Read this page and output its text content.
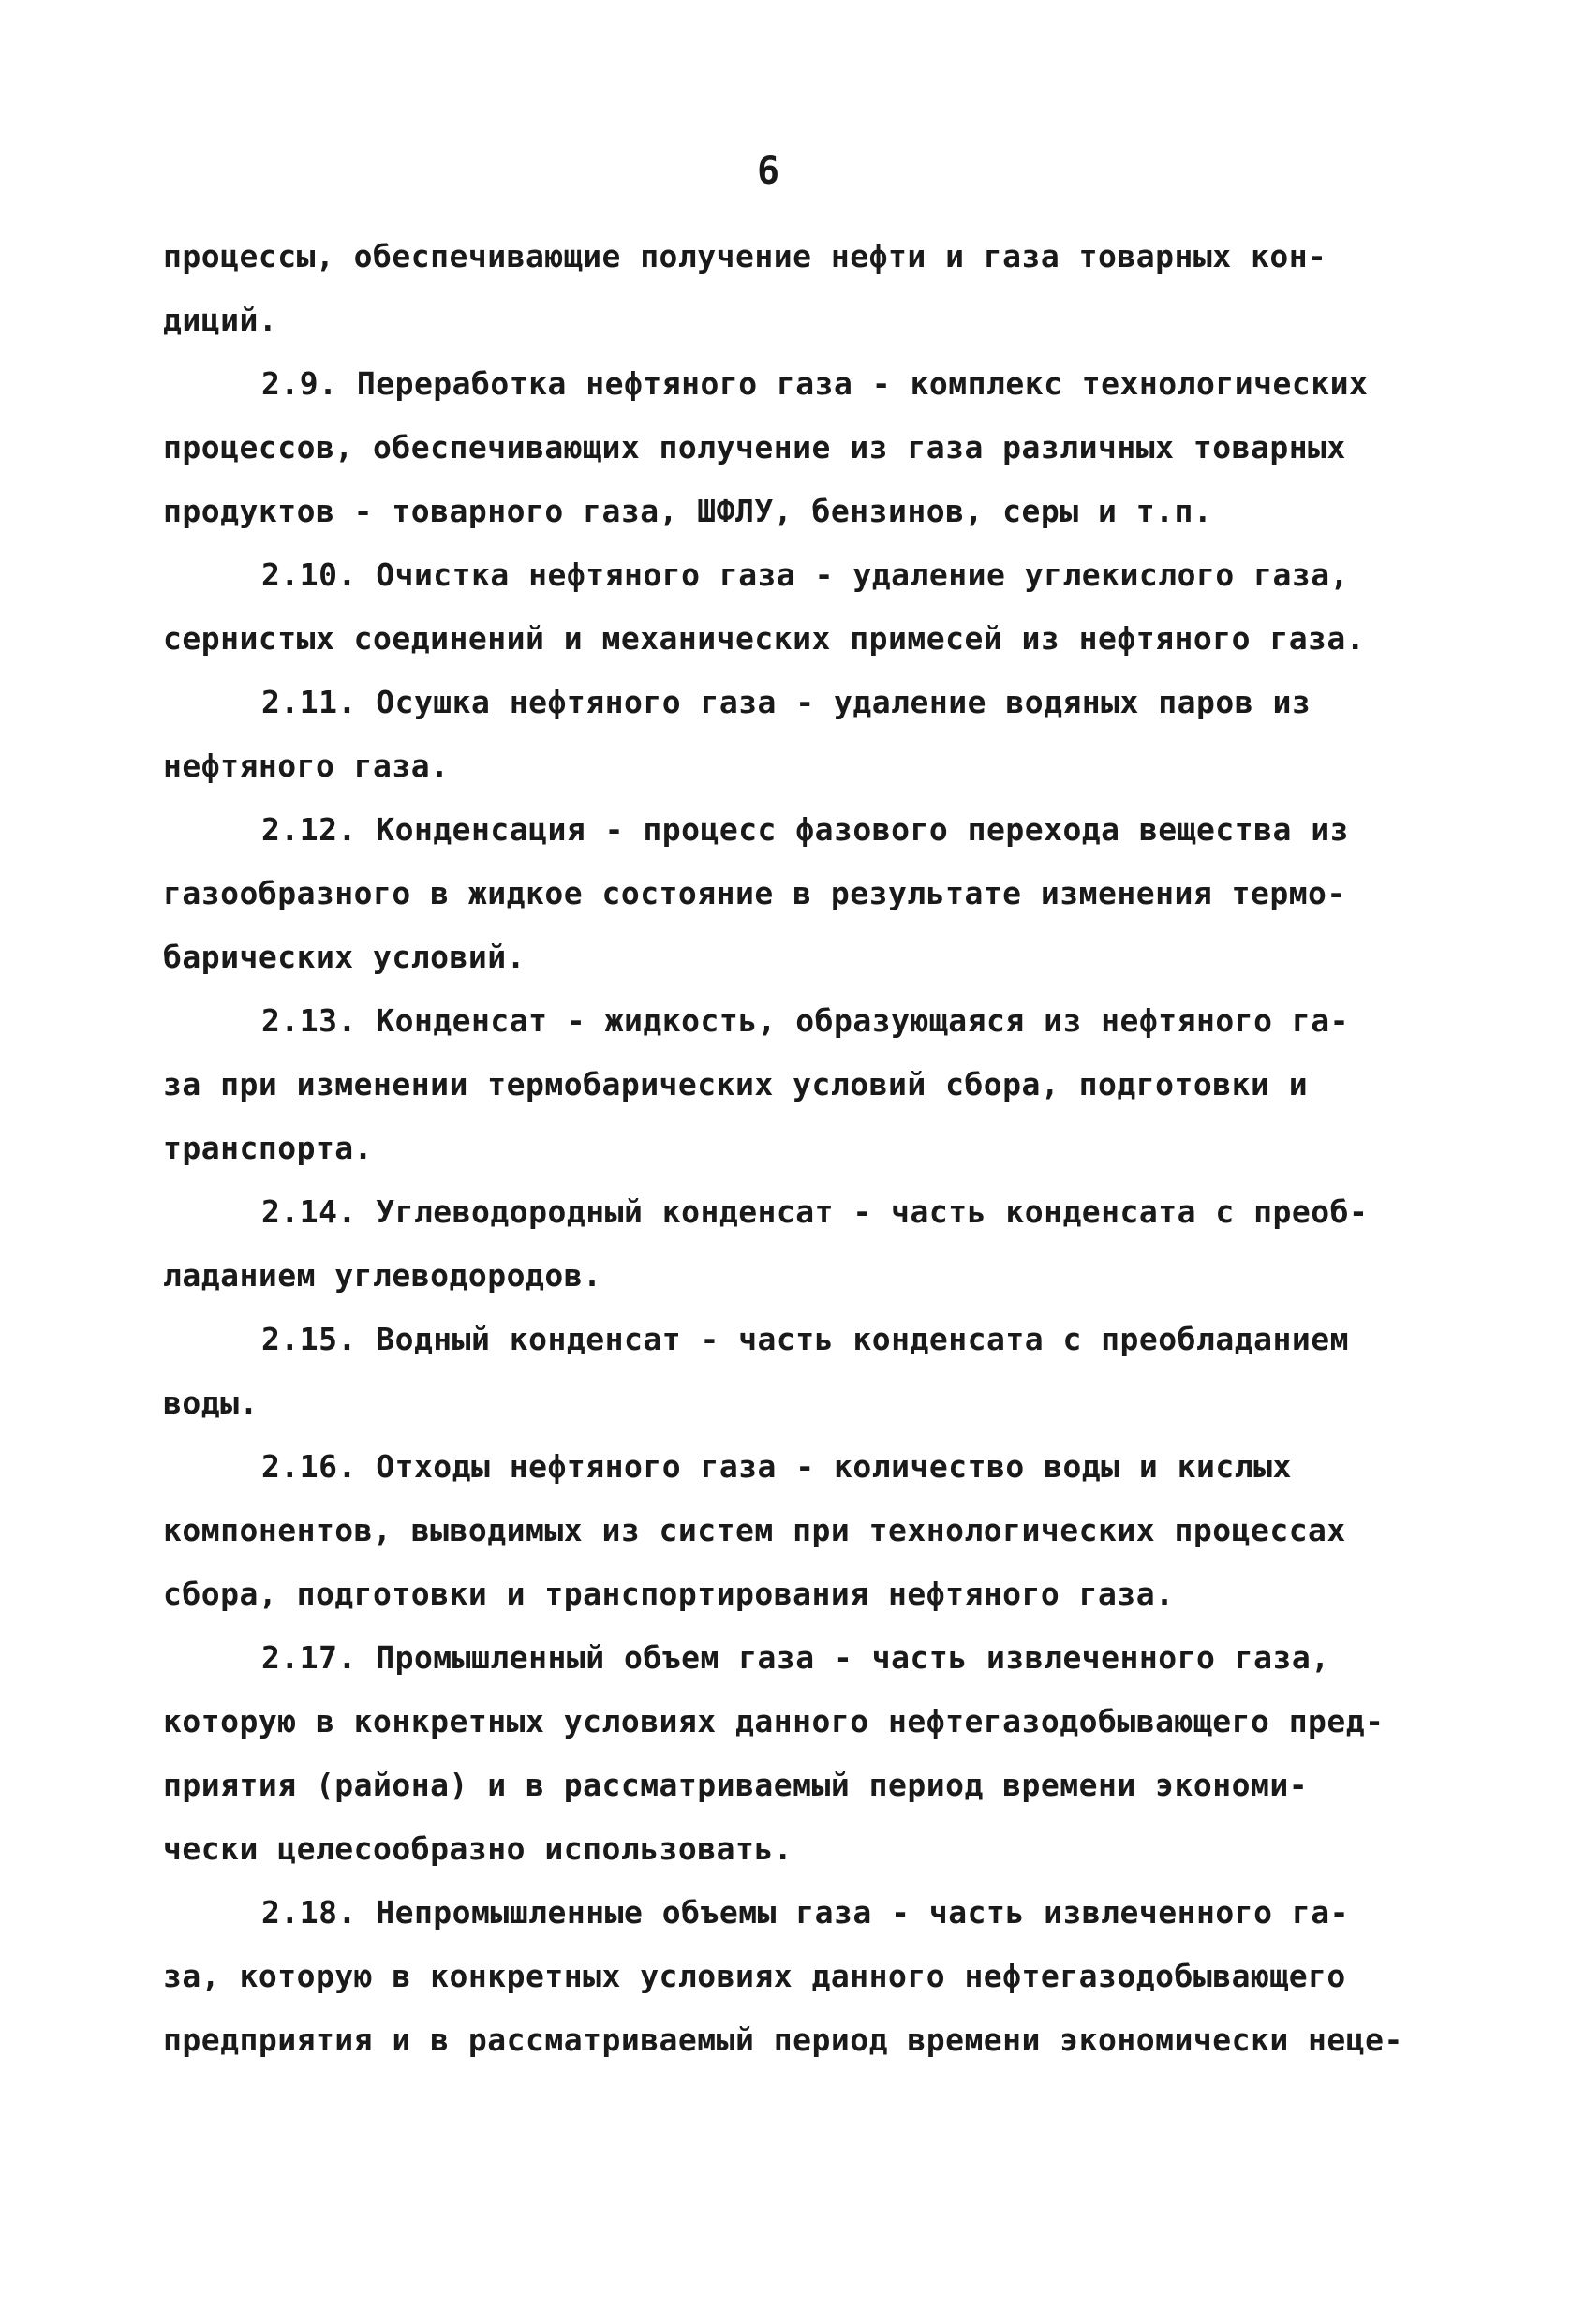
6
процессы, обеспечивающие получение нефти и газа товарных кон-
диций.
2.9. Переработка нефтяного газа - комплекс технологических
процессов, обеспечивающих получение из газа различных товарных
продуктов - товарного газа, ШФЛУ, бензинов, серы и т.п.
2.10. Очистка нефтяного газа - удаление углекислого газа,
сернистых соединений и механических примесей из нефтяного газа.
2.11. Осушка нефтяного газа - удаление водяных паров из
нефтяного газа.
2.12. Конденсация - процесс фазового перехода вещества из
газообразного в жидкое состояние в результате изменения термо-
барических условий.
2.13. Конденсат - жидкость, образующаяся из нефтяного га-
за при изменении термобарических условий сбора, подготовки и
транспорта.
2.14. Углеводородный конденсат - часть конденсата с преоб-
ладанием углеводородов.
2.15. Водный конденсат - часть конденсата с преобладанием
воды.
2.16. Отходы нефтяного газа - количество воды и кислых
компонентов, выводимых из систем при технологических процессах
сбора, подготовки и транспортирования нефтяного газа.
2.17. Промышленный объем газа - часть извлеченного газа,
которую в конкретных условиях данного нефтегазодобывающего пред-
приятия (района) и в рассматриваемый период времени экономи-
чески целесообразно использовать.
2.18. Непромышленные объемы газа - часть извлеченного га-
за, которую в конкретных условиях данного нефтегазодобывающего
предприятия и в рассматриваемый период времени экономически неце-
